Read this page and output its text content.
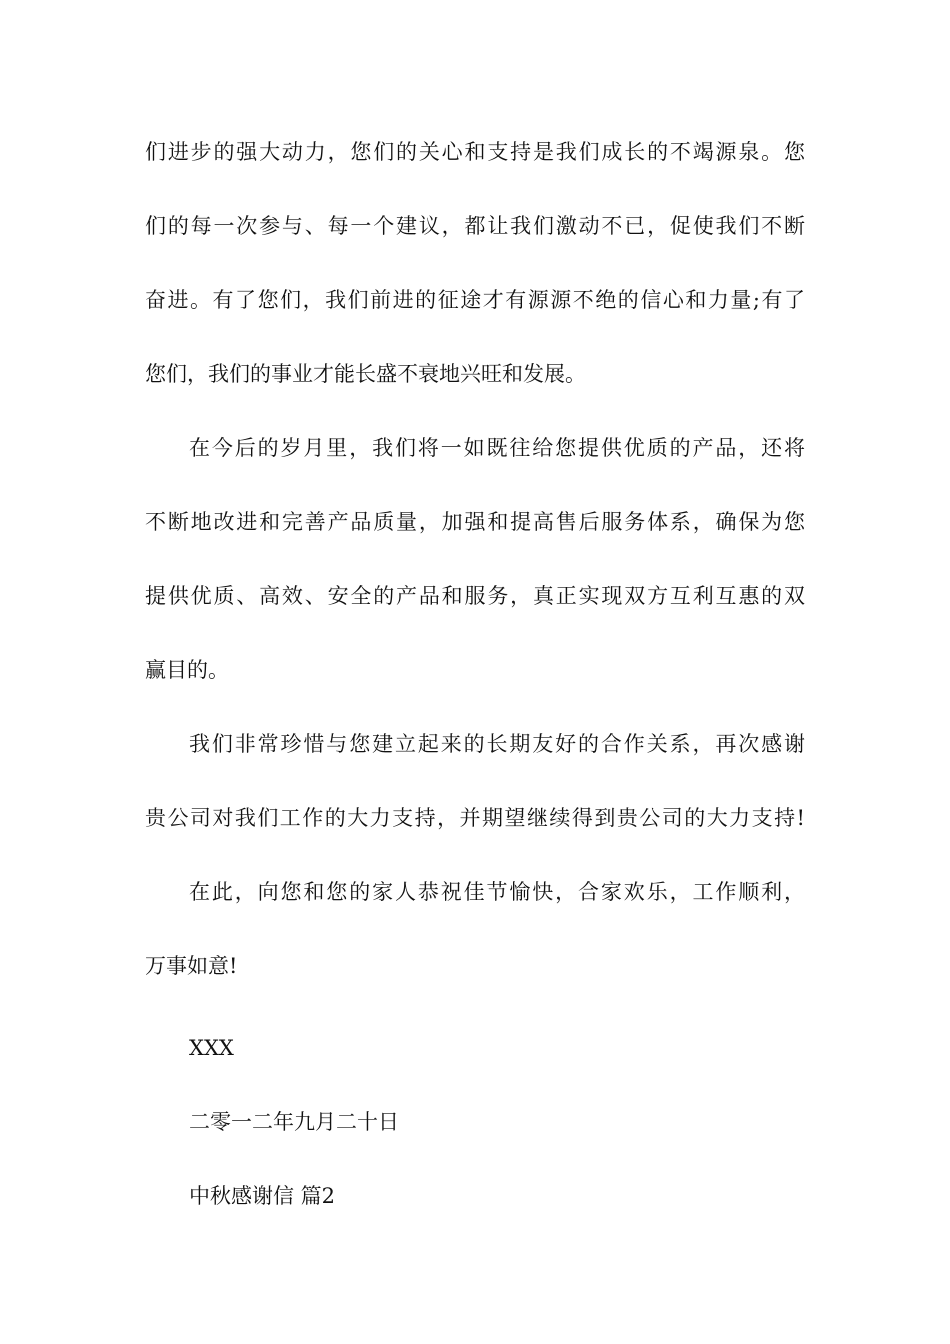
们进步的强大动力，您们的关心和支持是我们成长的不竭源泉。您
们的每一次参与、每一个建议，都让我们激动不已，促使我们不断
奋进。有了您们，我们前进的征途才有源源不绝的信心和力量;有了
您们，我们的事业才能长盛不衰地兴旺和发展。
在今后的岁月里，我们将一如既往给您提供优质的产品，还将
不断地改进和完善产品质量，加强和提高售后服务体系，确保为您
提供优质、高效、安全的产品和服务，真正实现双方互利互惠的双
赢目的。
我们非常珍惜与您建立起来的长期友好的合作关系，再次感谢
贵公司对我们工作的大力支持，并期望继续得到贵公司的大力支持!
在此，向您和您的家人恭祝佳节愉快，合家欢乐，工作顺利，
万事如意!
XXX
二零一二年九月二十日
中秋感谢信 篇2
